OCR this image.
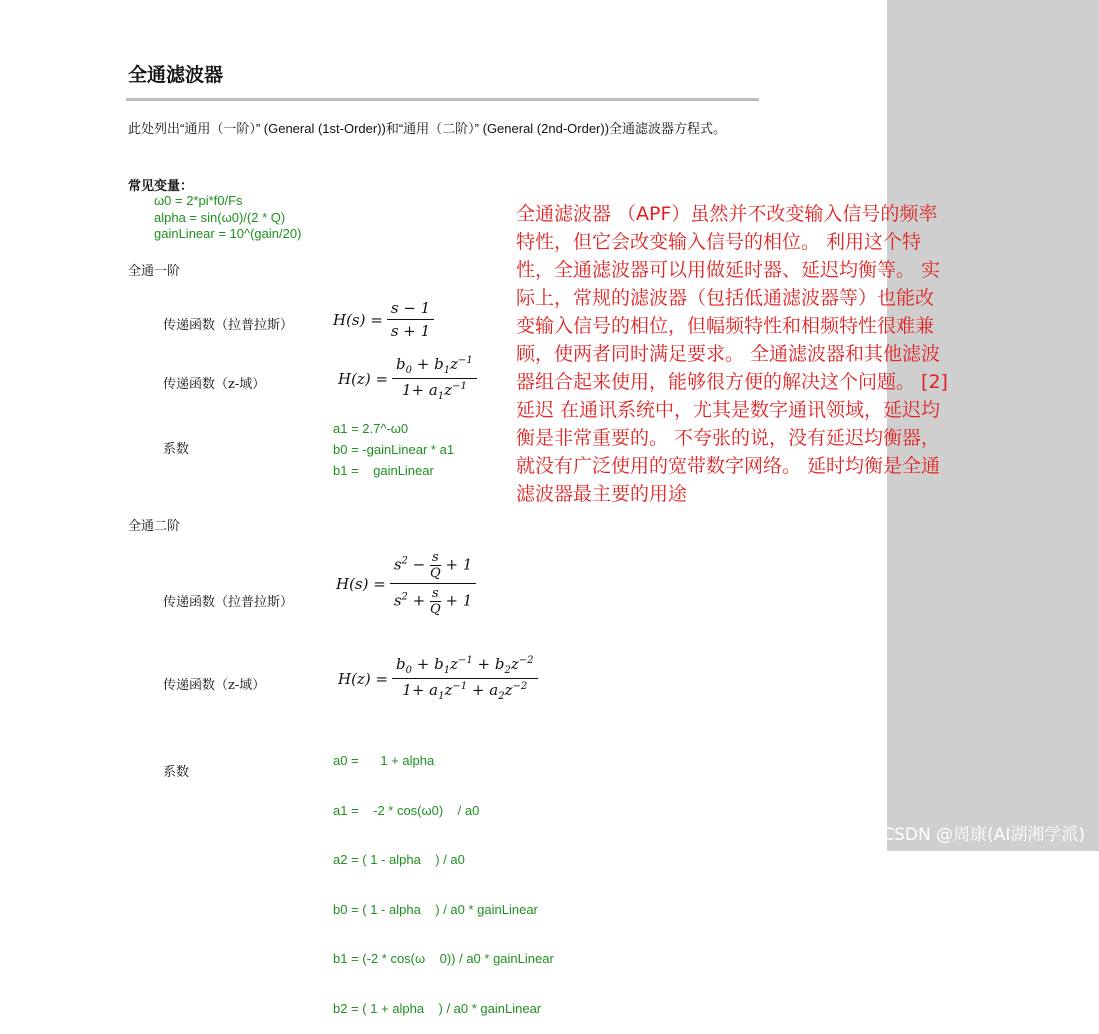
CSDN @周康(AI湖湘学派)
全通滤波器
此处列出“通用（一阶）” (General (1st-Order))和“通用（二阶）” (General (2nd-Order))全通滤波器方程式。
常见变量：
ω0 = 2*pi*f0/Fs
alpha = sin(ω0)/(2 * Q)
gainLinear = 10^(gain/20)
全通一阶
传递函数（拉普拉斯）	$H(s) = \frac{s - 1}{s + 1}$
传递函数（z-域）	$H(z) = \frac{b_0 + b_1z^{-1}}{1+ a_1z^{-1}}$
系数
a1 = 2.7^-ω0
b0 = -gainLinear * a1
b1 =    gainLinear
全通二阶
传递函数（拉普拉斯）
$H(s) = \frac{s^2 - \frac{s}{Q} + 1}{s^2 + \frac{s}{Q} + 1}$
传递函数（z-域）	$H(z) = \frac{b_0 + b_1z^{-1} + b_2z^{-2}}{1+ a_1z^{-1} + a_2z^{-2}}$
系数

a0 =      1 + alpha

a1 =    -2 * cos(ω0)    / a0

a2 = ( 1 - alpha    ) / a0

b0 = ( 1 - alpha    ) / a0 * gainLinear

b1 = (-2 * cos(ω    0)) / a0 * gainLinear

b2 = ( 1 + alpha    ) / a0 * gainLinear

全通滤波器 （APF）虽然并不改变输入信号的频率特性，但它会改变输入信号的相位。 利用这个特性，全通滤波器可以用做延时器、延迟均衡等。 实际上，常规的滤波器（包括低通滤波器等）也能改变输入信号的相位，但幅频特性和相频特性很难兼顾，使两者同时满足要求。 全通滤波器和其他滤波器组合起来使用，能够很方便的解决这个问题。 [2] 延迟 在通讯系统中，尤其是数字通讯领域，延迟均衡是非常重要的。 不夸张的说，没有延迟均衡器，就没有广泛使用的宽带数字网络。 延时均衡是全通滤波器最主要的用途
